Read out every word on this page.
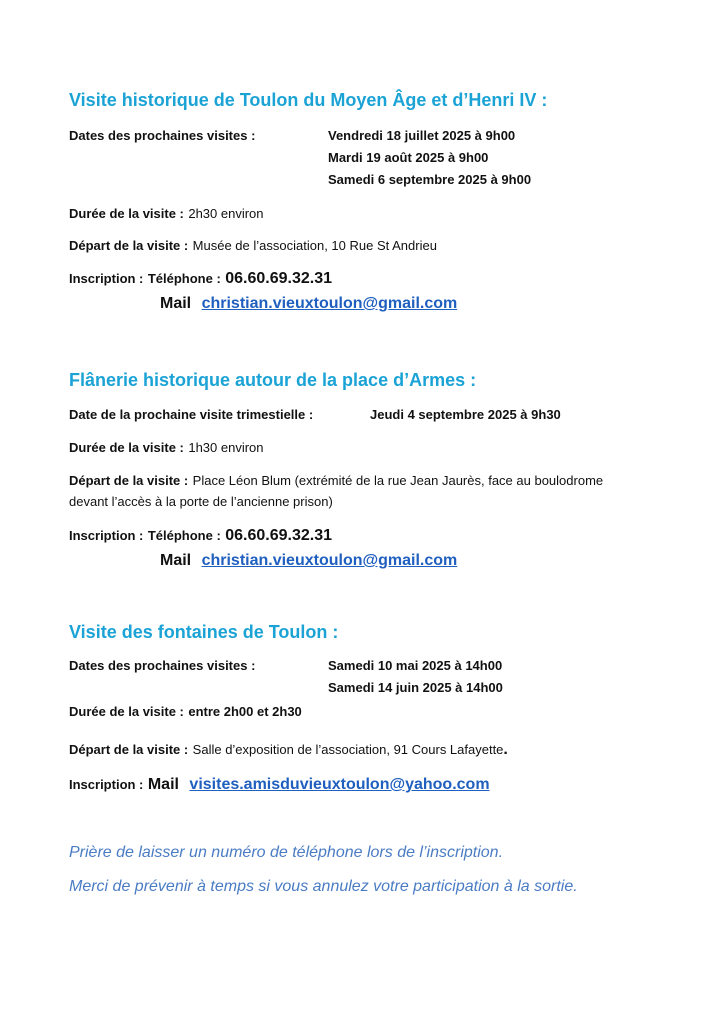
Visite historique de Toulon du Moyen Âge et d’Henri IV :
Dates des prochaines visites :	Vendredi 18 juillet 2025 à 9h00
Mardi 19 août 2025 à 9h00
Samedi 6 septembre 2025 à 9h00
Durée de la visite : 2h30 environ
Départ de la visite : Musée de l’association, 10 Rue St Andrieu
Inscription : Téléphone : 06.60.69.32.31
Mail christian.vieuxtoulon@gmail.com
Flânerie historique autour de la place d’Armes :
Date de la prochaine visite trimestielle :	Jeudi 4 septembre 2025 à 9h30
Durée de la visite : 1h30 environ
Départ de la visite : Place Léon Blum (extrémité de la rue Jean Jaurès, face au boulodrome devant l’accès à la porte de l’ancienne prison)
Inscription : Téléphone : 06.60.69.32.31
Mail christian.vieuxtoulon@gmail.com
Visite des fontaines de Toulon :
Dates des prochaines visites :	Samedi 10 mai 2025 à 14h00
Samedi 14 juin 2025 à 14h00
Durée de la visite : entre 2h00 et 2h30
Départ de la visite : Salle d’exposition de l’association, 91 Cours Lafayette.
Inscription : Mail visites.amisduvieuxtoulon@yahoo.com
Prière de laisser un numéro de téléphone lors de l’inscription.
Merci de prévenir à temps si vous annulez votre participation à la sortie.
